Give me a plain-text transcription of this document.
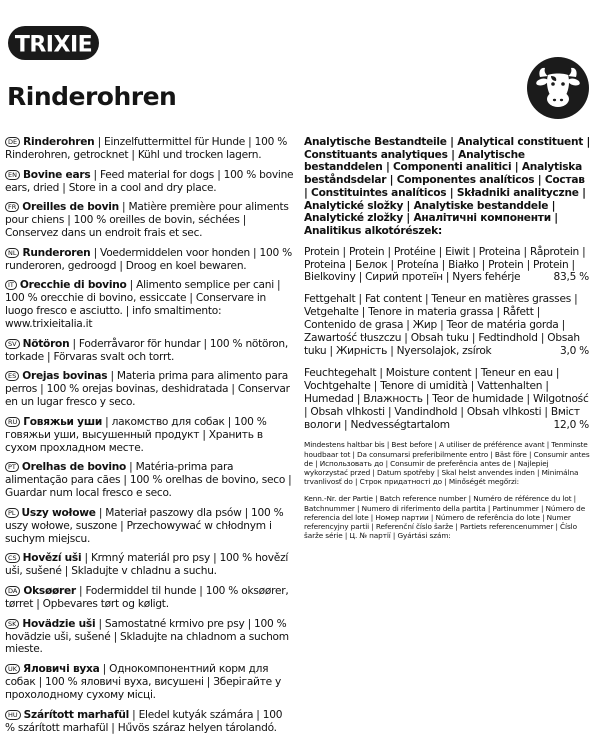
TRIXIE
Rinderohren

DE Rinderohren | Einzelfuttermittel für Hunde | 100 % Rinderohren, getrocknet | Kühl und trocken lagern.

EN Bovine ears | Feed material for dogs | 100 % bovine ears, dried | Store in a cool and dry place.

FR Oreilles de bovin | Matière première pour aliments pour chiens | 100 % oreilles de bovin, séchées | Conservez dans un endroit frais et sec.

NL Runderoren | Voedermiddelen voor honden | 100 % runderoren, gedroogd | Droog en koel bewaren.

IT Orecchie di bovino | Alimento semplice per cani | 100 % orecchie di bovino, essiccate | Conservare in luogo fresco e asciutto. | info smaltimento: www.trixieitalia.it

SV Nötöron | Foderråvaror för hundar | 100 % nötöron, torkade | Förvaras svalt och torrt.

ES Orejas bovinas | Materia prima para alimento para perros | 100 % orejas bovinas, deshidratada | Conservar en un lugar fresco y seco.

RU Говяжьи уши | лакомство для собак | 100 % говяжьи уши, высушенный продукт | Хранить в сухом прохладном месте.

PT Orelhas de bovino | Matéria-prima para alimentação para cães | 100 % orelhas de bovino, seco | Guardar num local fresco e seco.

PL Uszy wołowe | Materiał paszowy dla psów | 100 % uszy wołowe, suszone | Przechowywać w chłodnym i suchym miejscu.

CS Hovězí uši | Krmný materiál pro psy | 100 % hovězí uši, sušené | Skladujte v chladnu a suchu.

DA Oksøører | Fodermiddel til hunde | 100 % oksøører, tørret | Opbevares tørt og køligt.

SK Hovädzie uši | Samostatné krmivo pre psy | 100 % hovädzie uši, sušené | Skladujte na chladnom a suchom mieste.

UK Яловичі вуха | Однокомпонентний корм для собак | 100 % яловичі вуха, висушені | Зберігайте у прохолодному сухому місці.

HU Szárított marhafül | Eledel kutyák számára | 100 % szárított marhafül | Hűvös száraz helyen tárolandó.

Analytische Bestandteile | Analytical constituent | Constituants analytiques | Analytische bestanddelen | Componenti analitici | Analytiska beståndsdelar | Componentes analíticos | Состав | Constituintes analíticos | Składniki analityczne | Analytické složky | Analytiske bestanddele | Analytické zložky | Аналітичні компоненти | Analitikus alkotórészek:

Protein | Protein | Protéine | Eiwit | Proteina | Råprotein | Proteina | Белок | Proteína | Białko | Protein | Protein | Bielkoviny | Сирий протеїн | Nyers fehérje	83,5 %
Fettgehalt | Fat content | Teneur en matières grasses | Vetgehalte | Tenore in materia grassa | Råfett | Contenido de grasa | Жир | Teor de matéria gorda | Zawartość tłuszczu | Obsah tuku | Fedtindhold | Obsah tuku | Жирність | Nyersolajok, zsírok	3,0 %
Feuchtegehalt | Moisture content | Teneur en eau | Vochtgehalte | Tenore di umidità | Vattenhalten | Humedad | Влажность | Teor de humidade | Wilgotność | Obsah vlhkosti | Vandindhold | Obsah vlhkosti | Вміст вологи | Nedvességtartalom	12,0 %

Mindestens haltbar bis | Best before | A utiliser de préférence avant | Tenminste houdbaar tot | Da consumarsi preferibilmente entro | Bäst före | Consumir antes de | Использовать до | Consumir de preferência antes de | Najlepiej wykorzystać przed | Datum spotřeby | Skal helst anvendes inden | Minimálna trvanlivosť do | Строк придатності до | Minőségét megőrzi:

Kenn.-Nr. der Partie | Batch reference number | Numéro de référence du lot | Batchnummer | Numero di riferimento della partita | Partinummer | Número de referencia del lote | Номер партии | Número de referência do lote | Numer referencyjny partii | Referenční číslo šarže | Partiets referencenummer | Číslo šarže série | Ц. № партії | Gyártási szám:
